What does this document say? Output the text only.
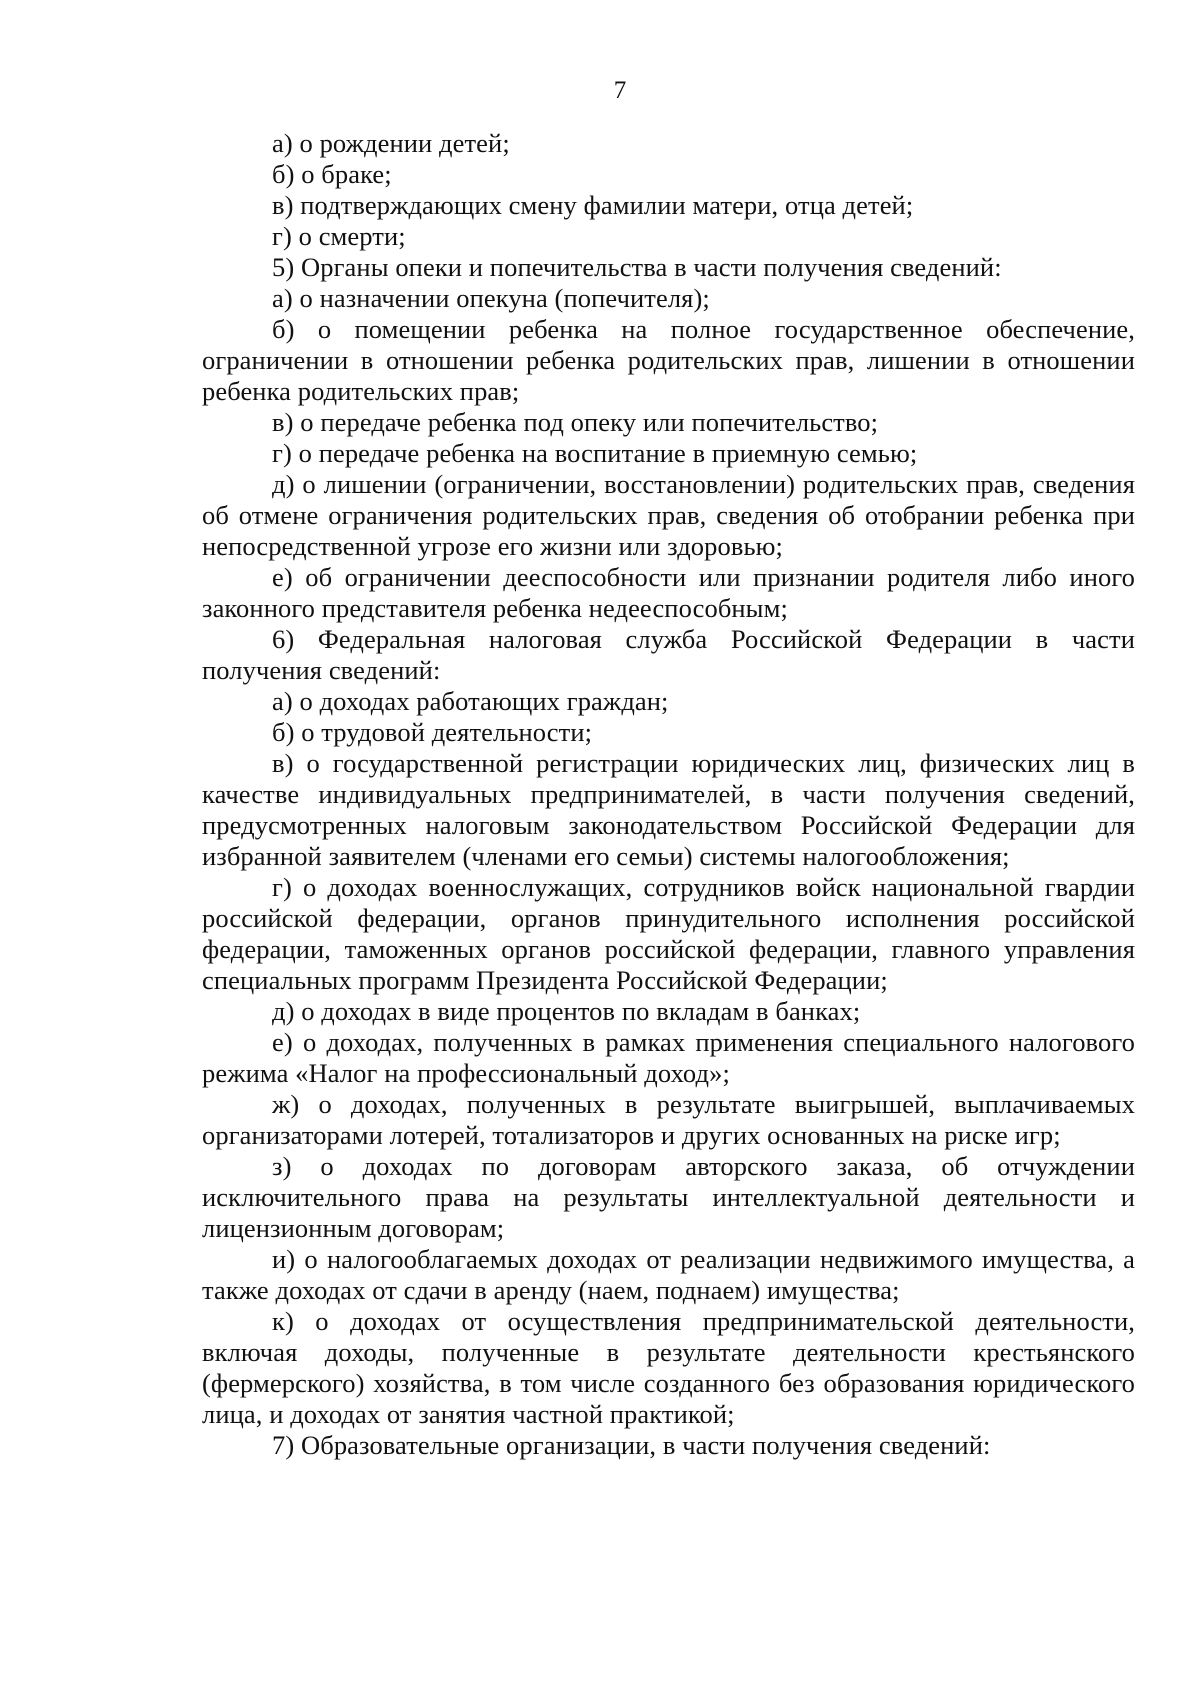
7

а) о рождении детей;

б) о браке;

в) подтверждающих смену фамилии матери, отца детей;

г) о смерти;

5) Органы опеки и попечительства в части получения сведений:

а) о назначении опекуна (попечителя);

б) о помещении ребенка на полное государственное обеспечение, ограничении в отношении ребенка родительских прав, лишении в отношении ребенка родительских прав;

в) о передаче ребенка под опеку или попечительство;

г) о передаче ребенка на воспитание в приемную семью;

д) о лишении (ограничении, восстановлении) родительских прав, сведения об отмене ограничения родительских прав, сведения об отобрании ребенка при непосредственной угрозе его жизни или здоровью;

е) об ограничении дееспособности или признании родителя либо иного законного представителя ребенка недееспособным;

6) Федеральная налоговая служба Российской Федерации в части получения сведений:

а) о доходах работающих граждан;

б) о трудовой деятельности;

в) о государственной регистрации юридических лиц, физических лиц в качестве индивидуальных предпринимателей, в части получения сведений, предусмотренных налоговым законодательством Российской Федерации для избранной заявителем (членами его семьи) системы налогообложения;

г) о доходах военнослужащих, сотрудников войск национальной гвардии российской федерации, органов принудительного исполнения российской федерации, таможенных органов российской федерации, главного управления специальных программ Президента Российской Федерации;

д) о доходах в виде процентов по вкладам в банках;

е) о доходах, полученных в рамках применения специального налогового режима «Налог на профессиональный доход»;

ж) о доходах, полученных в результате выигрышей, выплачиваемых организаторами лотерей, тотализаторов и других основанных на риске игр;

з) о доходах по договорам авторского заказа, об отчуждении исключительного права на результаты интеллектуальной деятельности и лицензионным договорам;

и) о налогооблагаемых доходах от реализации недвижимого имущества, а также доходах от сдачи в аренду (наем, поднаем) имущества;

к) о доходах от осуществления предпринимательской деятельности, включая доходы, полученные в результате деятельности крестьянского (фермерского) хозяйства, в том числе созданного без образования юридического лица, и доходах от занятия частной практикой;

7) Образовательные организации, в части получения сведений:
